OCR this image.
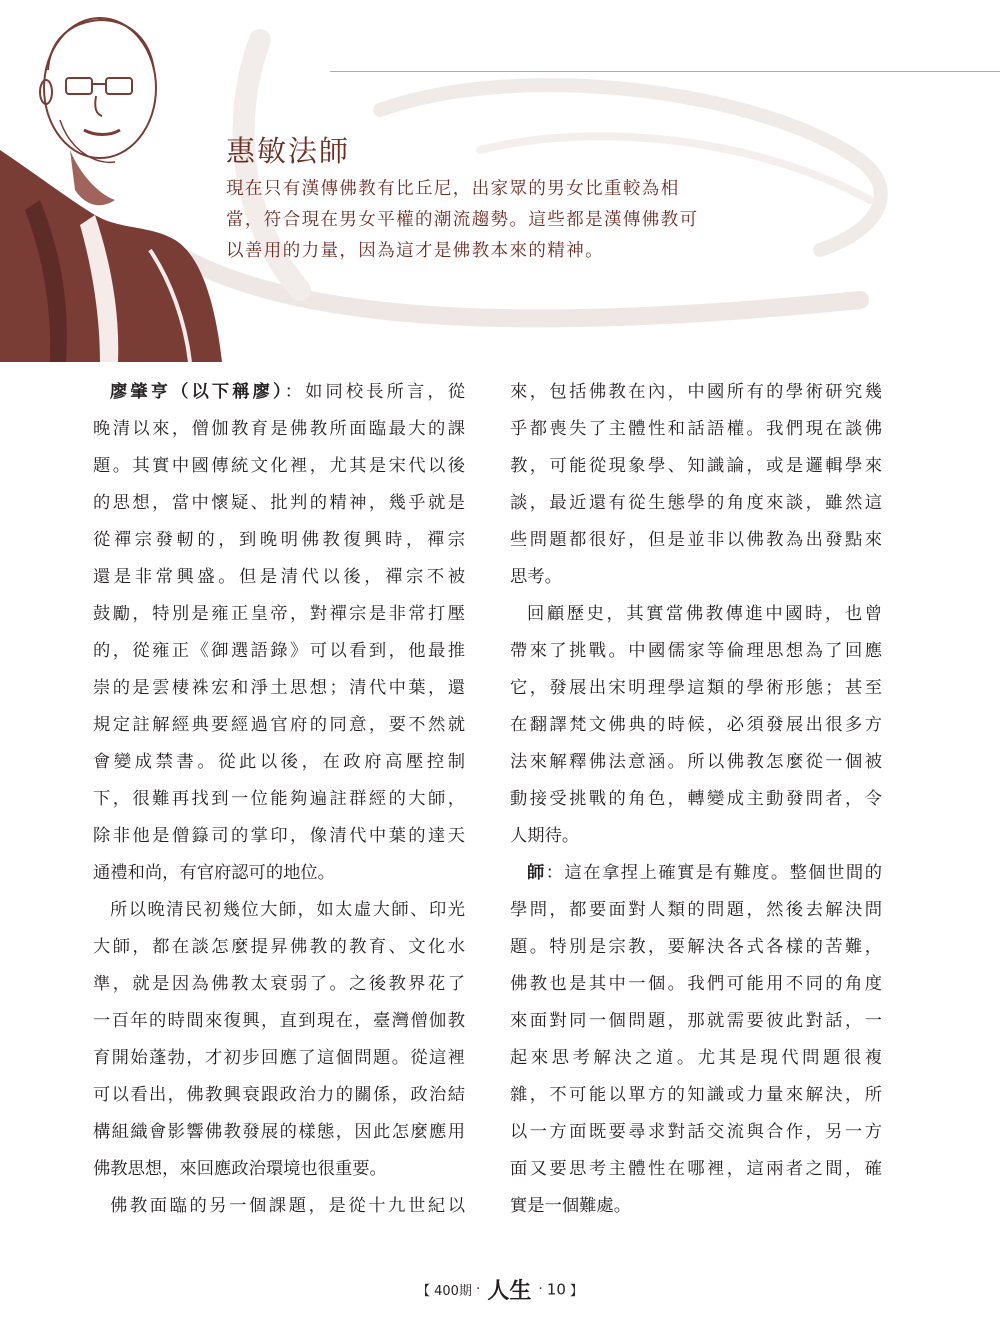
惠敏法師
現在只有漢傳佛教有比丘尼，出家眾的男女比重較為相
當，符合現在男女平權的潮流趨勢。這些都是漢傳佛教可
以善用的力量，因為這才是佛教本來的精神。
廖肇亨（以下稱廖）：如同校長所言，從
晚清以來，僧伽教育是佛教所面臨最大的課
題。其實中國傳統文化裡，尤其是宋代以後
的思想，當中懷疑、批判的精神，幾乎就是
從禪宗發軔的，到晚明佛教復興時，禪宗
還是非常興盛。但是清代以後，禪宗不被
鼓勵，特別是雍正皇帝，對禪宗是非常打壓
的，從雍正《御選語錄》可以看到，他最推
崇的是雲棲袾宏和淨土思想；清代中葉，還
規定註解經典要經過官府的同意，要不然就
會變成禁書。從此以後，在政府高壓控制
下，很難再找到一位能夠遍註群經的大師，
除非他是僧籙司的掌印，像清代中葉的達天
通禮和尚，有官府認可的地位。
所以晚清民初幾位大師，如太虛大師、印光
大師，都在談怎麼提昇佛教的教育、文化水
準，就是因為佛教太衰弱了。之後教界花了
一百年的時間來復興，直到現在，臺灣僧伽教
育開始蓬勃，才初步回應了這個問題。從這裡
可以看出，佛教興衰跟政治力的關係，政治結
構組織會影響佛教發展的樣態，因此怎麼應用
佛教思想，來回應政治環境也很重要。
佛教面臨的另一個課題，是從十九世紀以
來，包括佛教在內，中國所有的學術研究幾
乎都喪失了主體性和話語權。我們現在談佛
教，可能從現象學、知識論，或是邏輯學來
談，最近還有從生態學的角度來談，雖然這
些問題都很好，但是並非以佛教為出發點來
思考。
回顧歷史，其實當佛教傳進中國時，也曾
帶來了挑戰。中國儒家等倫理思想為了回應
它，發展出宋明理學這類的學術形態；甚至
在翻譯梵文佛典的時候，必須發展出很多方
法來解釋佛法意涵。所以佛教怎麼從一個被
動接受挑戰的角色，轉變成主動發問者，令
人期待。
師：這在拿捏上確實是有難度。整個世間的
學問，都要面對人類的問題，然後去解決問
題。特別是宗教，要解決各式各樣的苦難，
佛教也是其中一個。我們可能用不同的角度
來面對同一個問題，那就需要彼此對話，一
起來思考解決之道。尤其是現代問題很複
雜，不可能以單方的知識或力量來解決，所
以一方面既要尋求對話交流與合作，另一方
面又要思考主體性在哪裡，這兩者之間，確
實是一個難處。
【 400期 · 人生 · 10 】
